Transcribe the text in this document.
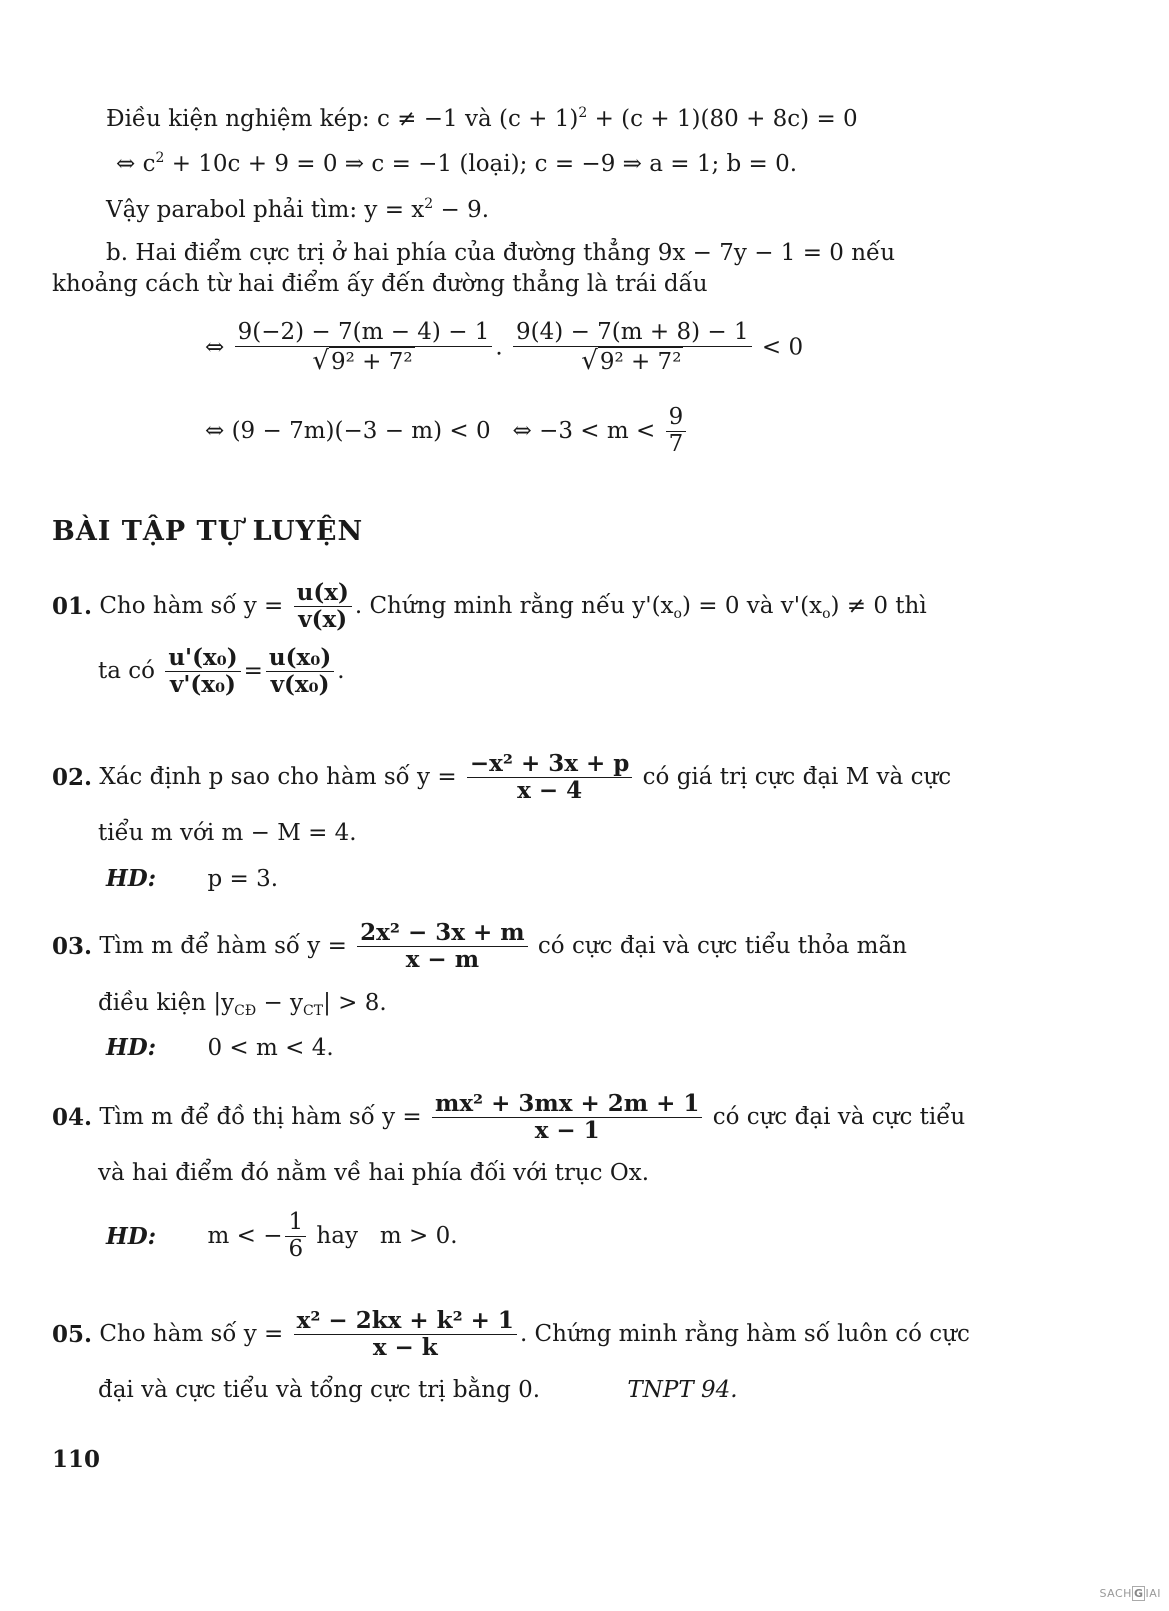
Điều kiện nghiệm kép: c ≠ −1 và $(c + 1)^2 + (c + 1)(80 + 8c) = 0$
⇔ $c^2 + 10c + 9 = 0$ ⇒ c = −1 (loại); c = −9 ⇒ a = 1; b = 0.
Vậy parabol phải tìm: $y = x^2 - 9$.
b. Hai điểm cực trị ở hai phía của đường thẳng 9x − 7y − 1 = 0 nếu
khoảng cách từ hai điểm ấy đến đường thẳng là trái dấu
⇔ $\frac{9(-2) - 7(m - 4) - 1}{\text{√9² + 7²}}$ . $\frac{9(4) - 7(m + 8) - 1}{\text{√9² + 7²}} < 0$
⇔ (9 − 7m)(−3 − m) < 0   ⇔ $-3 < m < \frac{9}{7}$
BÀI TẬP TỰ LUYỆN
01. Cho hàm số $y = \frac{u(x)}{v(x)}$ . Chứng minh rằng nếu $y'(x_o) = 0$ và $v'(x_o) \ne 0$ thì
ta có $\frac{\text{u'(x₀)}}{\text{v'(x₀)}} = \frac{\text{u(x₀)}}{\text{v(x₀)}}$ .
02. Xác định p sao cho hàm số $y = \frac{\text{−x² + 3x + p}}{x - 4}$ có giá trị cực đại M và cực
tiểu m với m − M = 4.
HD: p = 3.
03. Tìm m để hàm số $y = \frac{\text{2x² − 3x + m}}{x - m}$ có cực đại và cực tiểu thỏa mãn
điều kiện $|y_{CĐ} - y_{CT}| > 8$.
HD: 0 < m < 4.
04. Tìm m để đồ thị hàm số $y = \frac{\text{mx² + 3mx + 2m + 1}}{x - 1}$ có cực đại và cực tiểu
và hai điểm đó nằm về hai phía đối với trục Ox.
HD: m < − $\frac{1}{6}$ hay   m > 0.
05. Cho hàm số $y = \frac{\text{x² − 2kx + k² + 1}}{x - k}$ . Chứng minh rằng hàm số luôn có cực
đại và cực tiểu và tổng cực trị bằng 0.	TNPT 94.
110
SACH G IAI
